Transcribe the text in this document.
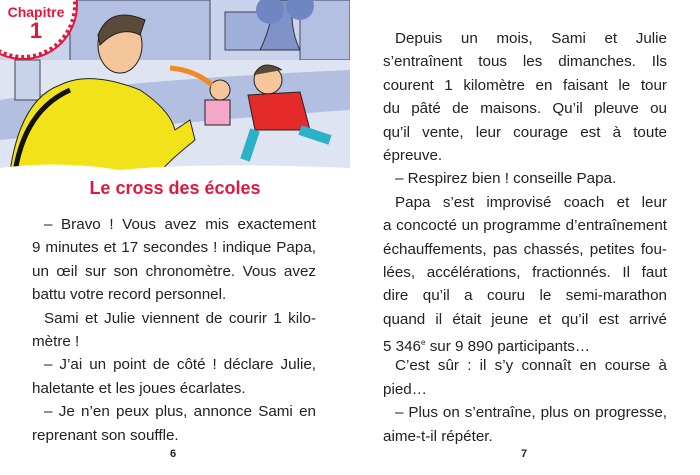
Chapitre
1
Le cross des écoles
– Bravo ! Vous avez mis exactement
9 minutes et 17 secondes ! indique Papa,
un œil sur son chronomètre. Vous avez
battu votre record personnel.
Sami et Julie viennent de courir 1 kilo-
mètre !
– J’ai un point de côté ! déclare Julie,
haletante et les joues écarlates.
– Je n’en peux plus, annonce Sami en
reprenant son souffle.
Depuis un mois, Sami et Julie
s’entraînent tous les dimanches. Ils
courent 1 kilomètre en faisant le tour
du pâté de maisons. Qu’il pleuve ou
qu’il vente, leur courage est à toute
épreuve.
– Respirez bien ! conseille Papa.
Papa s’est improvisé coach et leur
a concocté un programme d’entraînement
échauffements, pas chassés, petites fou-
lées, accélérations, fractionnés. Il faut
dire qu’il a couru le semi-marathon
quand il était jeune et qu’il est arrivé
5 346e sur 9 890 participants…
C’est sûr : il s’y connaît en course à
pied…
– Plus on s’entraîne, plus on progresse,
aime-t-il répéter.
6	7
